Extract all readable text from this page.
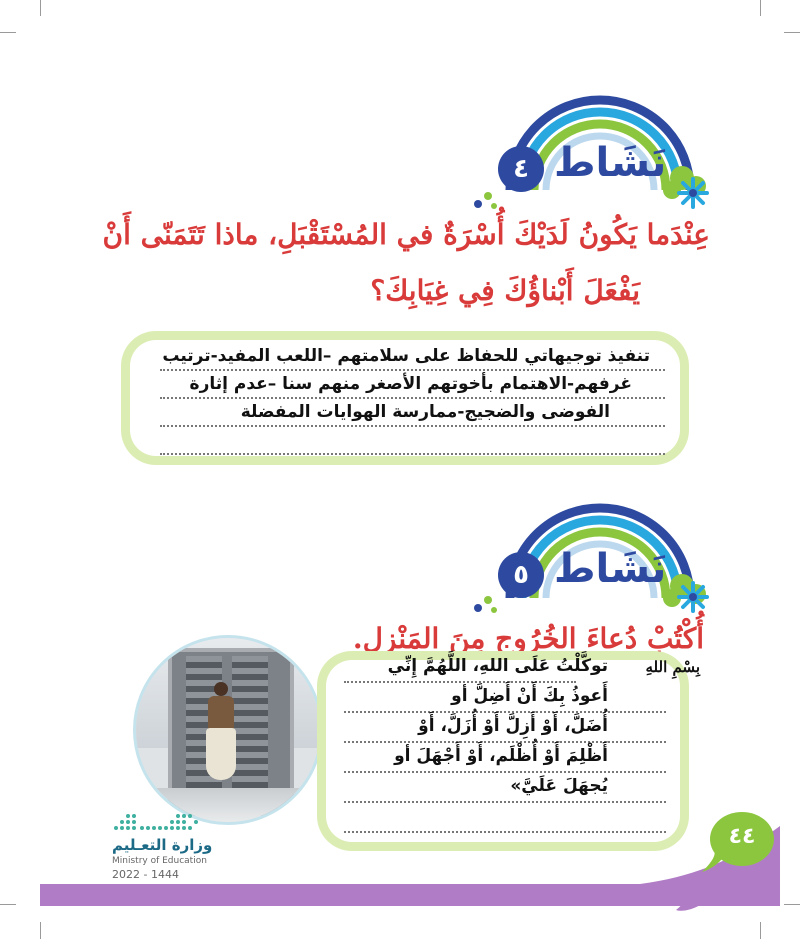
٤ نَشَاط
عِنْدَما يَكُونُ لَدَيْكَ أُسْرَةٌ في المُسْتَقْبَلِ، ماذا تَتَمَنّى أَنْ
يَفْعَلَ أَبْناؤُكَ فِي غِيَابِكَ؟
تنفيذ توجيهاتي للحفاظ على سلامتهم –اللعب المفيد-ترتيب
غرفهم-الاهتمام بأخوتهم الأصغر منهم سنا –عدم إثارة
الفوضى والضجيج-ممارسة الهوايات المفضلة
٥ نَشَاط
أُكْتُبْ دُعاءَ الخُرُوجِ مِنَ المَنْزِل.
بِسْمِ اللهِ
توكَّلْتُ عَلَى اللهِ، اللَّهُمَّ إِنِّي
أَعوذُ بِكَ أَنْ أَضِلَّ أو
أُضَلَّ، أَوْ أَزِلَّ أَوْ أُزَلَّ، أَوْ
أَظْلِمَ أَوْ أُظْلَم، أَوْ أَجْهَلَ أو
يُجهَلَ عَلَيَّ»
٤٤
وزارة التعـليم
Ministry of Education
2022 - 1444
